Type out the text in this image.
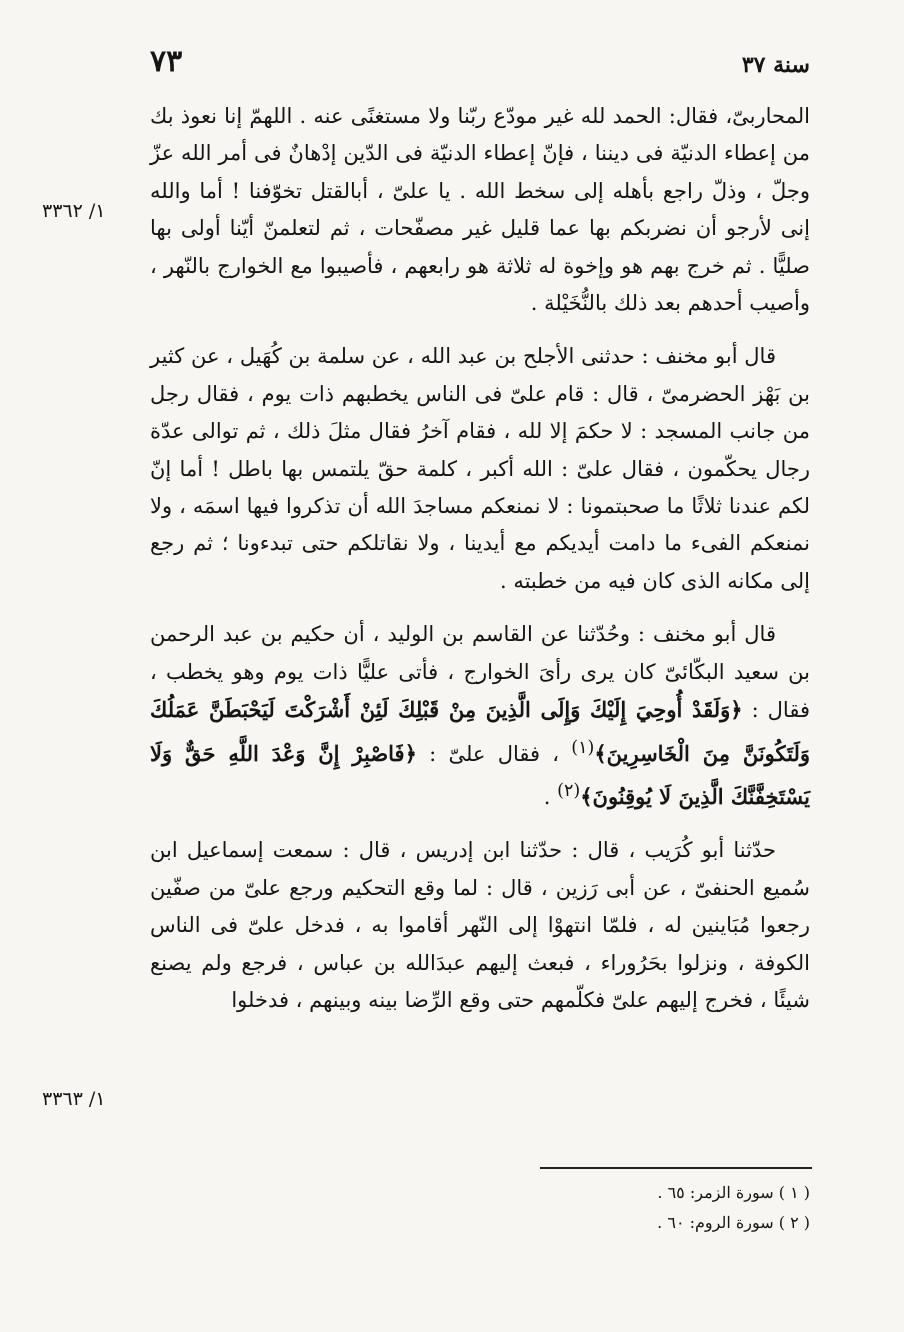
سنة ٣٧
٧٣
١/ ٣٣٦٢
١/ ٣٣٦٣

المحاربىّ، فقال: الحمد لله غير مودّع ربّنا ولا مستغنًى عنه . اللهمّ إنا نعوذ بك من إعطاء الدنيّة فى ديننا ، فإنّ إعطاء الدنيّة فى الدّين إدْهانٌ فى أمر الله عزّ وجلّ ، وذلّ راجع بأهله إلى سخط الله . يا علىّ ، أبالقتل تخوّفنا ! أما والله إنى لأرجو أن نضربكم بها عما قليل غير مصفّحات ، ثم لتعلمنّ أيّنا أولى بها صليًّا . ثم خرج بهم هو وإخوة له ثلاثة هو رابعهم ، فأصيبوا مع الخوارج بالنّهر ، وأصيب أحدهم بعد ذلك بالنُّخَيْلة .

قال أبو مخنف : حدثنى الأجلح بن عبد الله ، عن سلمة بن كُهَيل ، عن كثير بن بَهْز الحضرمىّ ، قال : قام علىّ فى الناس يخطبهم ذات يوم ، فقال رجل من جانب المسجد : لا حكمَ إلا لله ، فقام آخرُ فقال مثلَ ذلك ، ثم توالى عدّة رجال يحكّمون ، فقال علىّ : الله أكبر ، كلمة حقّ يلتمس بها باطل ! أما إنّ لكم عندنا ثلاثًا ما صحبتمونا : لا نمنعكم مساجدَ الله أن تذكروا فيها اسمَه ، ولا نمنعكم الفىء ما دامت أيديكم مع أيدينا ، ولا نقاتلكم حتى تبدءونا ؛ ثم رجع إلى مكانه الذى كان فيه من خطبته .

قال أبو مخنف : وحُدّثنا عن القاسم بن الوليد ، أن حكيم بن عبد الرحمن بن سعيد البكّائىّ كان يرى رأىَ الخوارج ، فأتى عليًّا ذات يوم وهو يخطب ، فقال : ﴿وَلَقَدْ أُوحِيَ إِلَيْكَ وَإِلَى الَّذِينَ مِنْ قَبْلِكَ لَئِنْ أَشْرَكْتَ لَيَحْبَطَنَّ عَمَلُكَ وَلَتَكُونَنَّ مِنَ الْخَاسِرِينَ﴾$^{(١)}$ ، فقال علىّ : ﴿فَاصْبِرْ إِنَّ وَعْدَ اللَّهِ حَقٌّ وَلَا يَسْتَخِفَّنَّكَ الَّذِينَ لَا يُوقِنُونَ﴾$^{(٢)}$ .

حدّثنا أبو كُرَيب ، قال : حدّثنا ابن إدريس ، قال : سمعت إسماعيل ابن سُميع الحنفىّ ، عن أبى رَزين ، قال : لما وقع التحكيم ورجع علىّ من صفّين رجعوا مُبَاينين له ، فلمّا انتهوْا إلى النّهر أقاموا به ، فدخل علىّ فى الناس الكوفة ، ونزلوا بحَرُوراء ، فبعث إليهم عبدَالله بن عباس ، فرجع ولم يصنع شيئًا ، فخرج إليهم علىّ فكلّمهم حتى وقع الرِّضا بينه وبينهم ، فدخلوا

( ١ ) سورة الزمر: ٦٥ .
( ٢ ) سورة الروم: ٦٠ .
